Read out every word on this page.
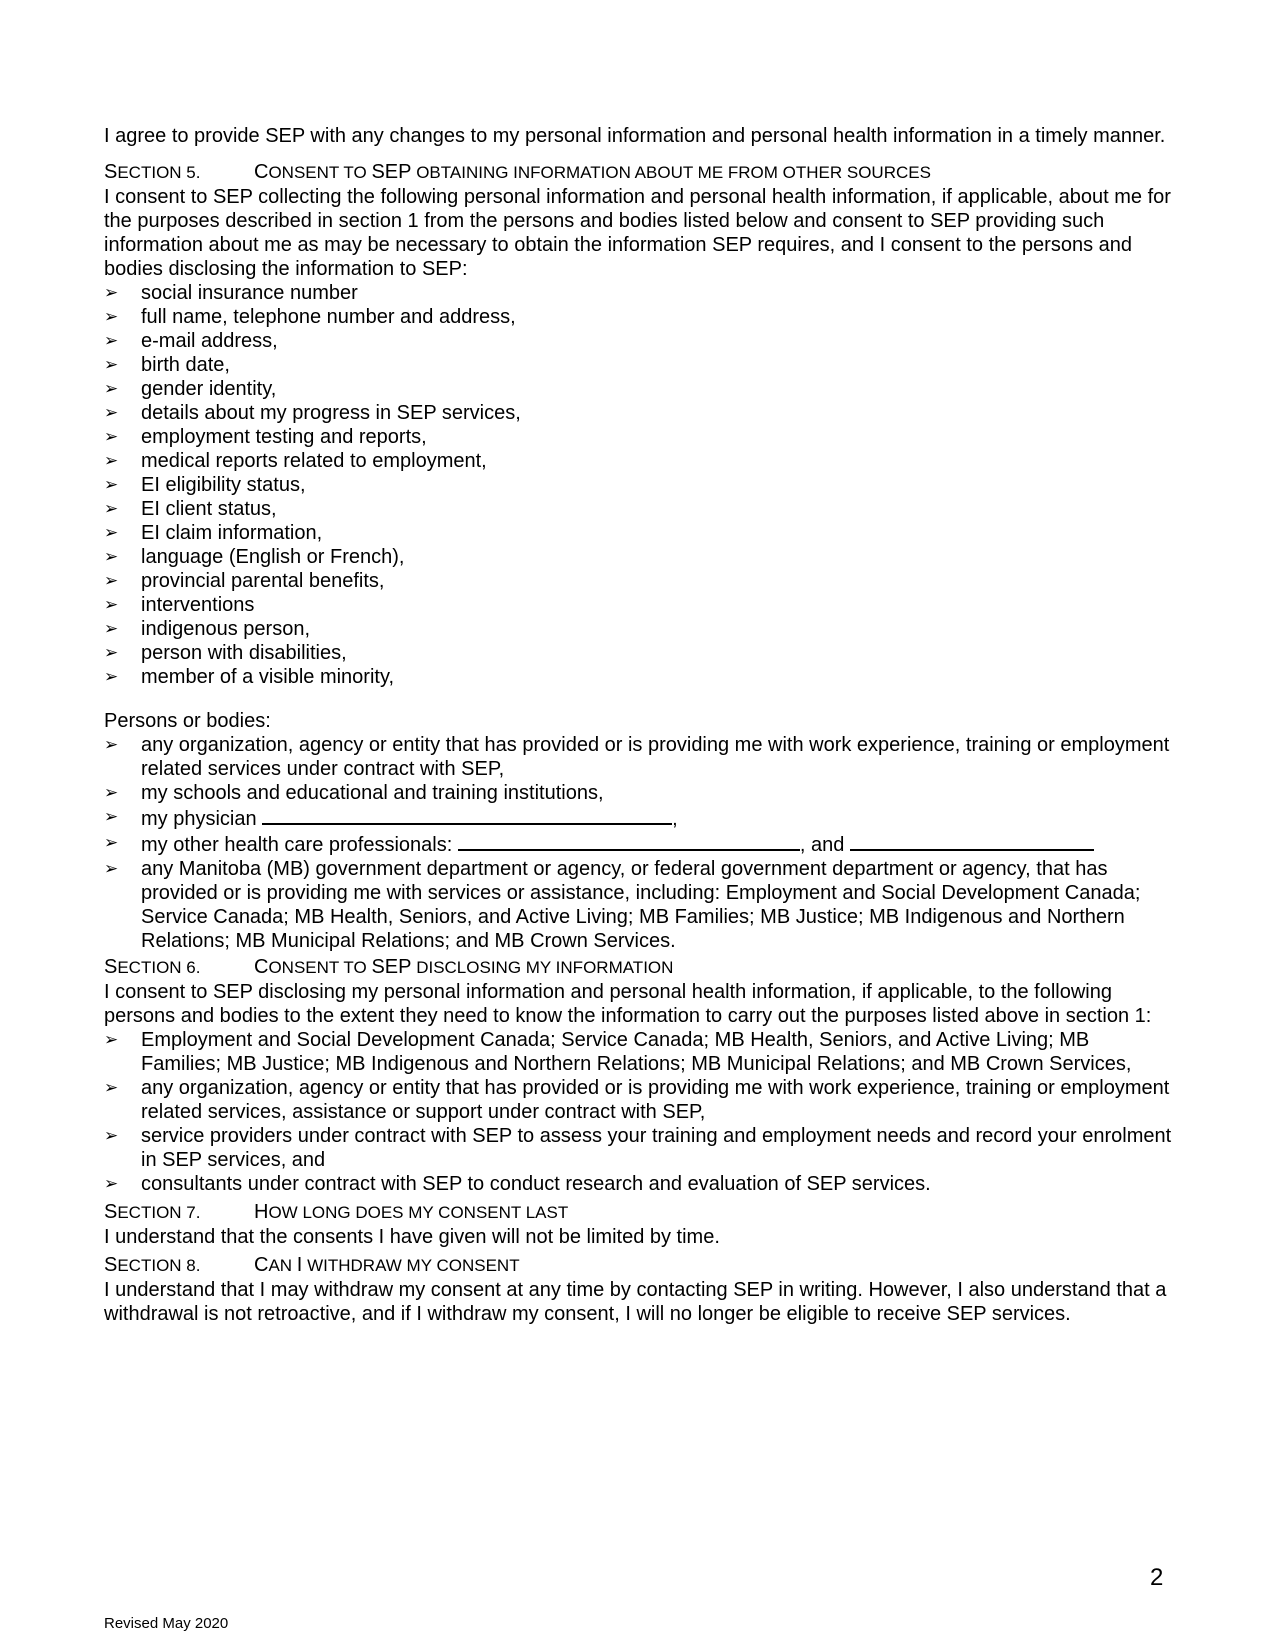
I agree to provide SEP with any changes to my personal information and personal health information in a timely manner.

SECTION 5.	CONSENT TO SEP OBTAINING INFORMATION ABOUT ME FROM OTHER SOURCES

I consent to SEP collecting the following personal information and personal health information, if applicable, about me for the purposes described in section 1 from the persons and bodies listed below and consent to SEP providing such information about me as may be necessary to obtain the information SEP requires, and I consent to the persons and bodies disclosing the information to SEP:

➢ social insurance number
➢ full name, telephone number and address,
➢ e-mail address,
➢ birth date,
➢ gender identity,
➢ details about my progress in SEP services,
➢ employment testing and reports,
➢ medical reports related to employment,
➢ EI eligibility status,
➢ EI client status,
➢ EI claim information,
➢ language (English or French),
➢ provincial parental benefits,
➢ interventions
➢ indigenous person,
➢ person with disabilities,
➢ member of a visible minority,

Persons or bodies:

➢ any organization, agency or entity that has provided or is providing me with work experience, training or employment related services under contract with SEP,
➢ my schools and educational and training institutions,
➢ my physician	,
➢ my other health care professionals:	, and
➢ any Manitoba (MB) government department or agency, or federal government department or agency, that has provided or is providing me with services or assistance, including: Employment and Social Development Canada; Service Canada; MB Health, Seniors, and Active Living; MB Families; MB Justice; MB Indigenous and Northern Relations; MB Municipal Relations; and MB Crown Services.
SECTION 6.	CONSENT TO SEP DISCLOSING MY INFORMATION

I consent to SEP disclosing my personal information and personal health information, if applicable, to the following persons and bodies to the extent they need to know the information to carry out the purposes listed above in section 1:

➢ Employment and Social Development Canada; Service Canada; MB Health, Seniors, and Active Living; MB Families; MB Justice; MB Indigenous and Northern Relations; MB Municipal Relations; and MB Crown Services,
➢ any organization, agency or entity that has provided or is providing me with work experience, training or employment related services, assistance or support under contract with SEP,
➢ service providers under contract with SEP to assess your training and employment needs and record your enrolment in SEP services, and
➢ consultants under contract with SEP to conduct research and evaluation of SEP services.
SECTION 7.	HOW LONG DOES MY CONSENT LAST

I understand that the consents I have given will not be limited by time.

SECTION 8.	CAN I WITHDRAW MY CONSENT

I understand that I may withdraw my consent at any time by contacting SEP in writing. However, I also understand that a withdrawal is not retroactive, and if I withdraw my consent, I will no longer be eligible to receive SEP services.

2
Revised May 2020
